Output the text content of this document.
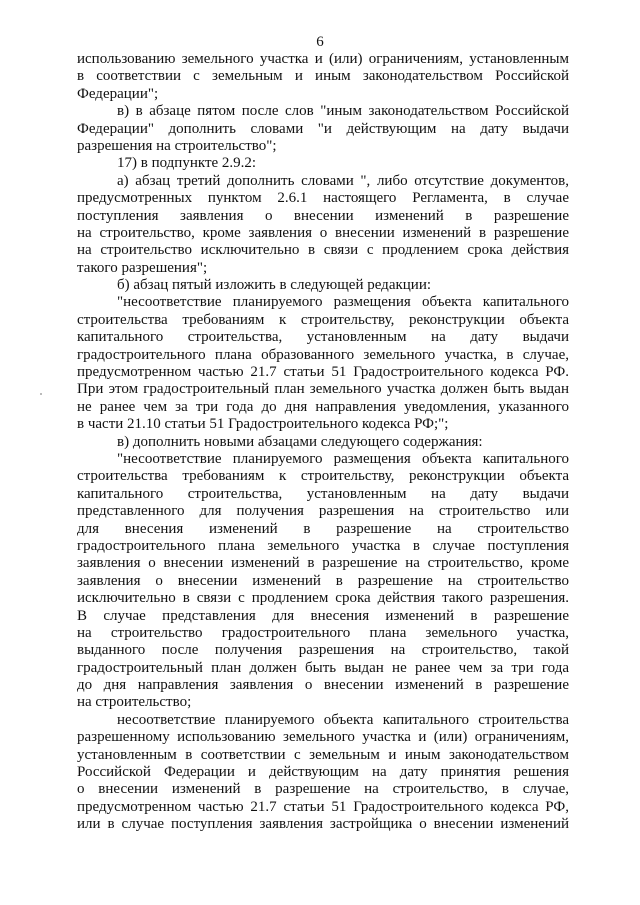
6
использованию земельного участка и (или) ограничениям, установленным
в соответствии с земельным и иным законодательством Российской
Федерации";
в) в абзаце пятом после слов "иным законодательством Российской
Федерации" дополнить словами "и действующим на дату выдачи
разрешения на строительство";
17) в подпункте 2.9.2:
а) абзац третий дополнить словами ", либо отсутствие документов,
предусмотренных пунктом 2.6.1 настоящего Регламента, в случае
поступления заявления о внесении изменений в разрешение
на строительство, кроме заявления о внесении изменений в разрешение
на строительство исключительно в связи с продлением срока действия
такого разрешения";
б) абзац пятый изложить в следующей редакции:
"несоответствие планируемого размещения объекта капитального
строительства требованиям к строительству, реконструкции объекта
капитального строительства, установленным на дату выдачи
градостроительного плана образованного земельного участка, в случае,
предусмотренном частью 21.7 статьи 51 Градостроительного кодекса РФ.
При этом градостроительный план земельного участка должен быть выдан
не ранее чем за три года до дня направления уведомления, указанного
в части 21.10 статьи 51 Градостроительного кодекса РФ;";
в) дополнить новыми абзацами следующего содержания:
"несоответствие планируемого размещения объекта капитального
строительства требованиям к строительству, реконструкции объекта
капитального строительства, установленным на дату выдачи
представленного для получения разрешения на строительство или
для внесения изменений в разрешение на строительство
градостроительного плана земельного участка в случае поступления
заявления о внесении изменений в разрешение на строительство, кроме
заявления о внесении изменений в разрешение на строительство
исключительно в связи с продлением срока действия такого разрешения.
В случае представления для внесения изменений в разрешение
на строительство градостроительного плана земельного участка,
выданного после получения разрешения на строительство, такой
градостроительный план должен быть выдан не ранее чем за три года
до дня направления заявления о внесении изменений в разрешение
на строительство;
несоответствие планируемого объекта капитального строительства
разрешенному использованию земельного участка и (или) ограничениям,
установленным в соответствии с земельным и иным законодательством
Российской Федерации и действующим на дату принятия решения
о внесении изменений в разрешение на строительство, в случае,
предусмотренном частью 21.7 статьи 51 Градостроительного кодекса РФ,
или в случае поступления заявления застройщика о внесении изменений
